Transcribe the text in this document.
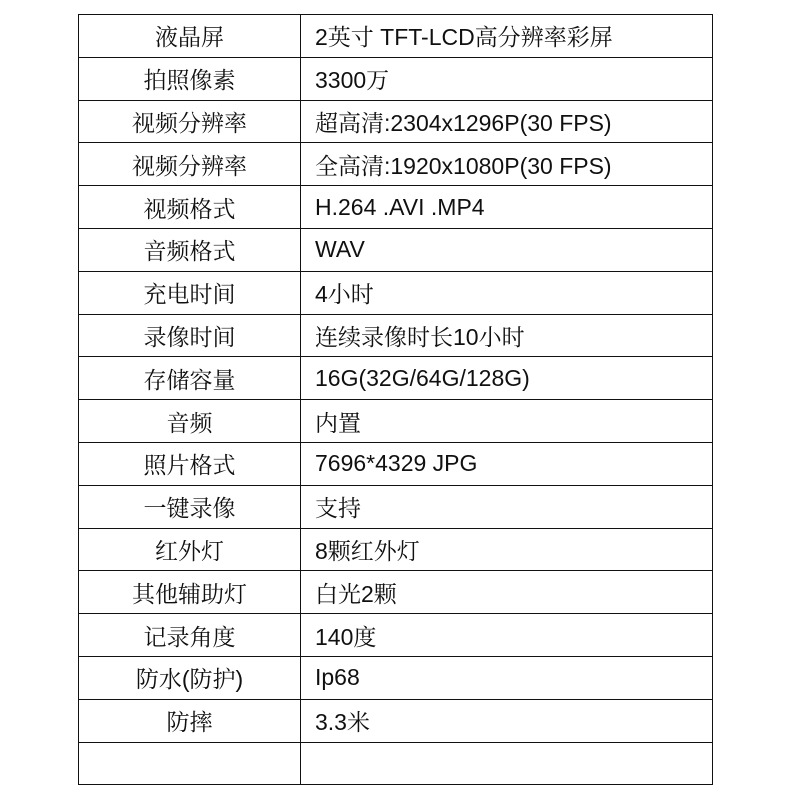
液晶屏	2英寸 TFT-LCD高分辨率彩屏
拍照像素	3300万
视频分辨率	超高清:2304x1296P(30 FPS)
视频分辨率	全高清:1920x1080P(30 FPS)
视频格式	H.264 .AVI .MP4
音频格式	WAV
充电时间	4小时
录像时间	连续录像时长10小时
存储容量	16G(32G/64G/128G)
音频	内置
照片格式	7696*4329 JPG
一键录像	支持
红外灯	8颗红外灯
其他辅助灯	白光2颗
记录角度	140度
防水(防护)	Ip68
防摔	3.3米
